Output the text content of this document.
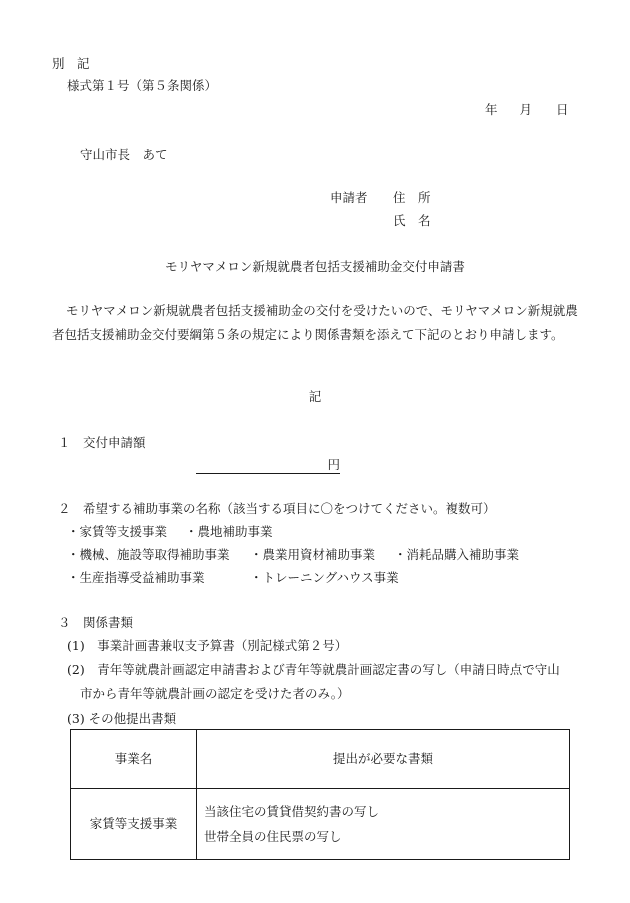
別　記
様式第１号（第５条関係）
年 月 日
守山市長　あて
申請者 住　所
氏　名
モリヤマメロン新規就農者包括支援補助金交付申請書
モリヤマメロン新規就農者包括支援補助金の交付を受けたいので、モリヤマメロン新規就農者包括支援補助金交付要綱第５条の規定により関係書類を添えて下記のとおり申請します。
記
１　交付申請額
円
２　希望する補助事業の名称（該当する項目に〇をつけてください。複数可）
・家賃等支援事業 ・農地補助事業
・機械、施設等取得補助事業 ・農業用資材補助事業 ・消耗品購入補助事業
・生産指導受益補助事業	・トレーニングハウス事業
３　関係書類
(1)　事業計画書兼収支予算書（別記様式第２号）
(2)　青年等就農計画認定申請書および青年等就農計画認定書の写し（申請日時点で守山
市から青年等就農計画の認定を受けた者のみ。）
(3) その他提出書類
事業名	提出が必要な書類
家賃等支援事業	当該住宅の賃貸借契約書の写し
世帯全員の住民票の写し
